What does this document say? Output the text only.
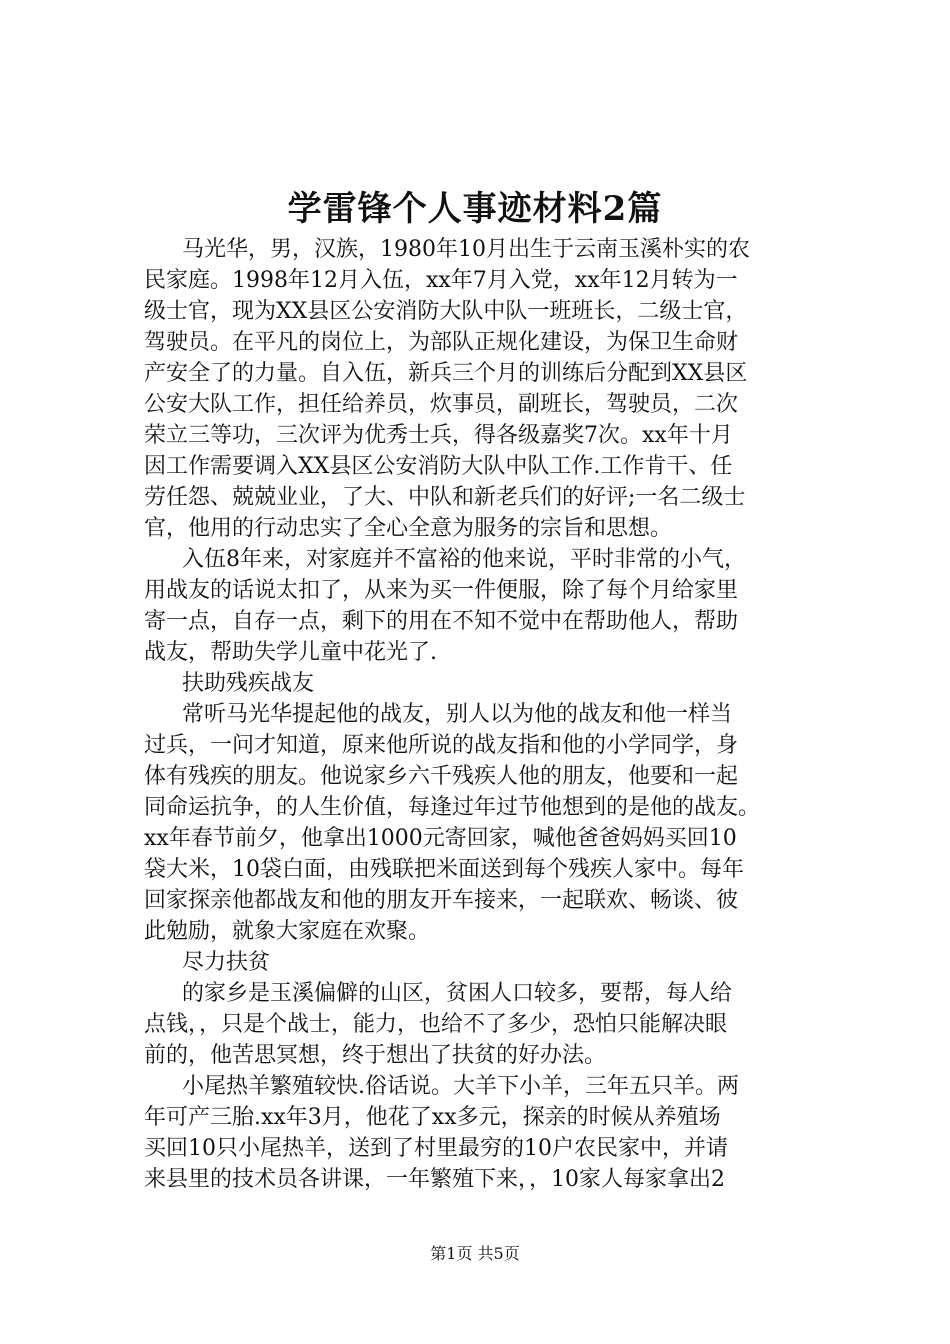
学雷锋个人事迹材料2篇
马光华，男，汉族，1980年10月出生于云南玉溪朴实的农
民家庭。1998年12月入伍，xx年7月入党，xx年12月转为一
级士官，现为XX县区公安消防大队中队一班班长，二级士官，
驾驶员。在平凡的岗位上，为部队正规化建设，为保卫生命财
产安全了的力量。自入伍，新兵三个月的训练后分配到XX县区
公安大队工作，担任给养员，炊事员，副班长，驾驶员，二次
荣立三等功，三次评为优秀士兵，得各级嘉奖7次。xx年十月
因工作需要调入XX县区公安消防大队中队工作.工作肯干、任
劳任怨、兢兢业业，了大、中队和新老兵们的好评;一名二级士
官，他用的行动忠实了全心全意为服务的宗旨和思想。
入伍8年来，对家庭并不富裕的他来说，平时非常的小气，
用战友的话说太扣了，从来为买一件便服，除了每个月给家里
寄一点，自存一点，剩下的用在不知不觉中在帮助他人，帮助
战友，帮助失学儿童中花光了.
扶助残疾战友
常听马光华提起他的战友，别人以为他的战友和他一样当
过兵，一问才知道，原来他所说的战友指和他的小学同学，身
体有残疾的朋友。他说家乡六千残疾人他的朋友，他要和一起
同命运抗争，的人生价值，每逢过年过节他想到的是他的战友。
xx年春节前夕，他拿出1000元寄回家，喊他爸爸妈妈买回10
袋大米，10袋白面，由残联把米面送到每个残疾人家中。每年
回家探亲他都战友和他的朋友开车接来，一起联欢、畅谈、彼
此勉励，就象大家庭在欢聚。
尽力扶贫
的家乡是玉溪偏僻的山区，贫困人口较多，要帮，每人给
点钱，，只是个战士，能力，也给不了多少，恐怕只能解决眼
前的，他苦思冥想，终于想出了扶贫的好办法。
小尾热羊繁殖较快.俗话说。大羊下小羊，三年五只羊。两
年可产三胎.xx年3月，他花了xx多元，探亲的时候从养殖场
买回10只小尾热羊，送到了村里最穷的10户农民家中，并请
来县里的技术员各讲课，一年繁殖下来，，10家人每家拿出2
第1页 共5页
